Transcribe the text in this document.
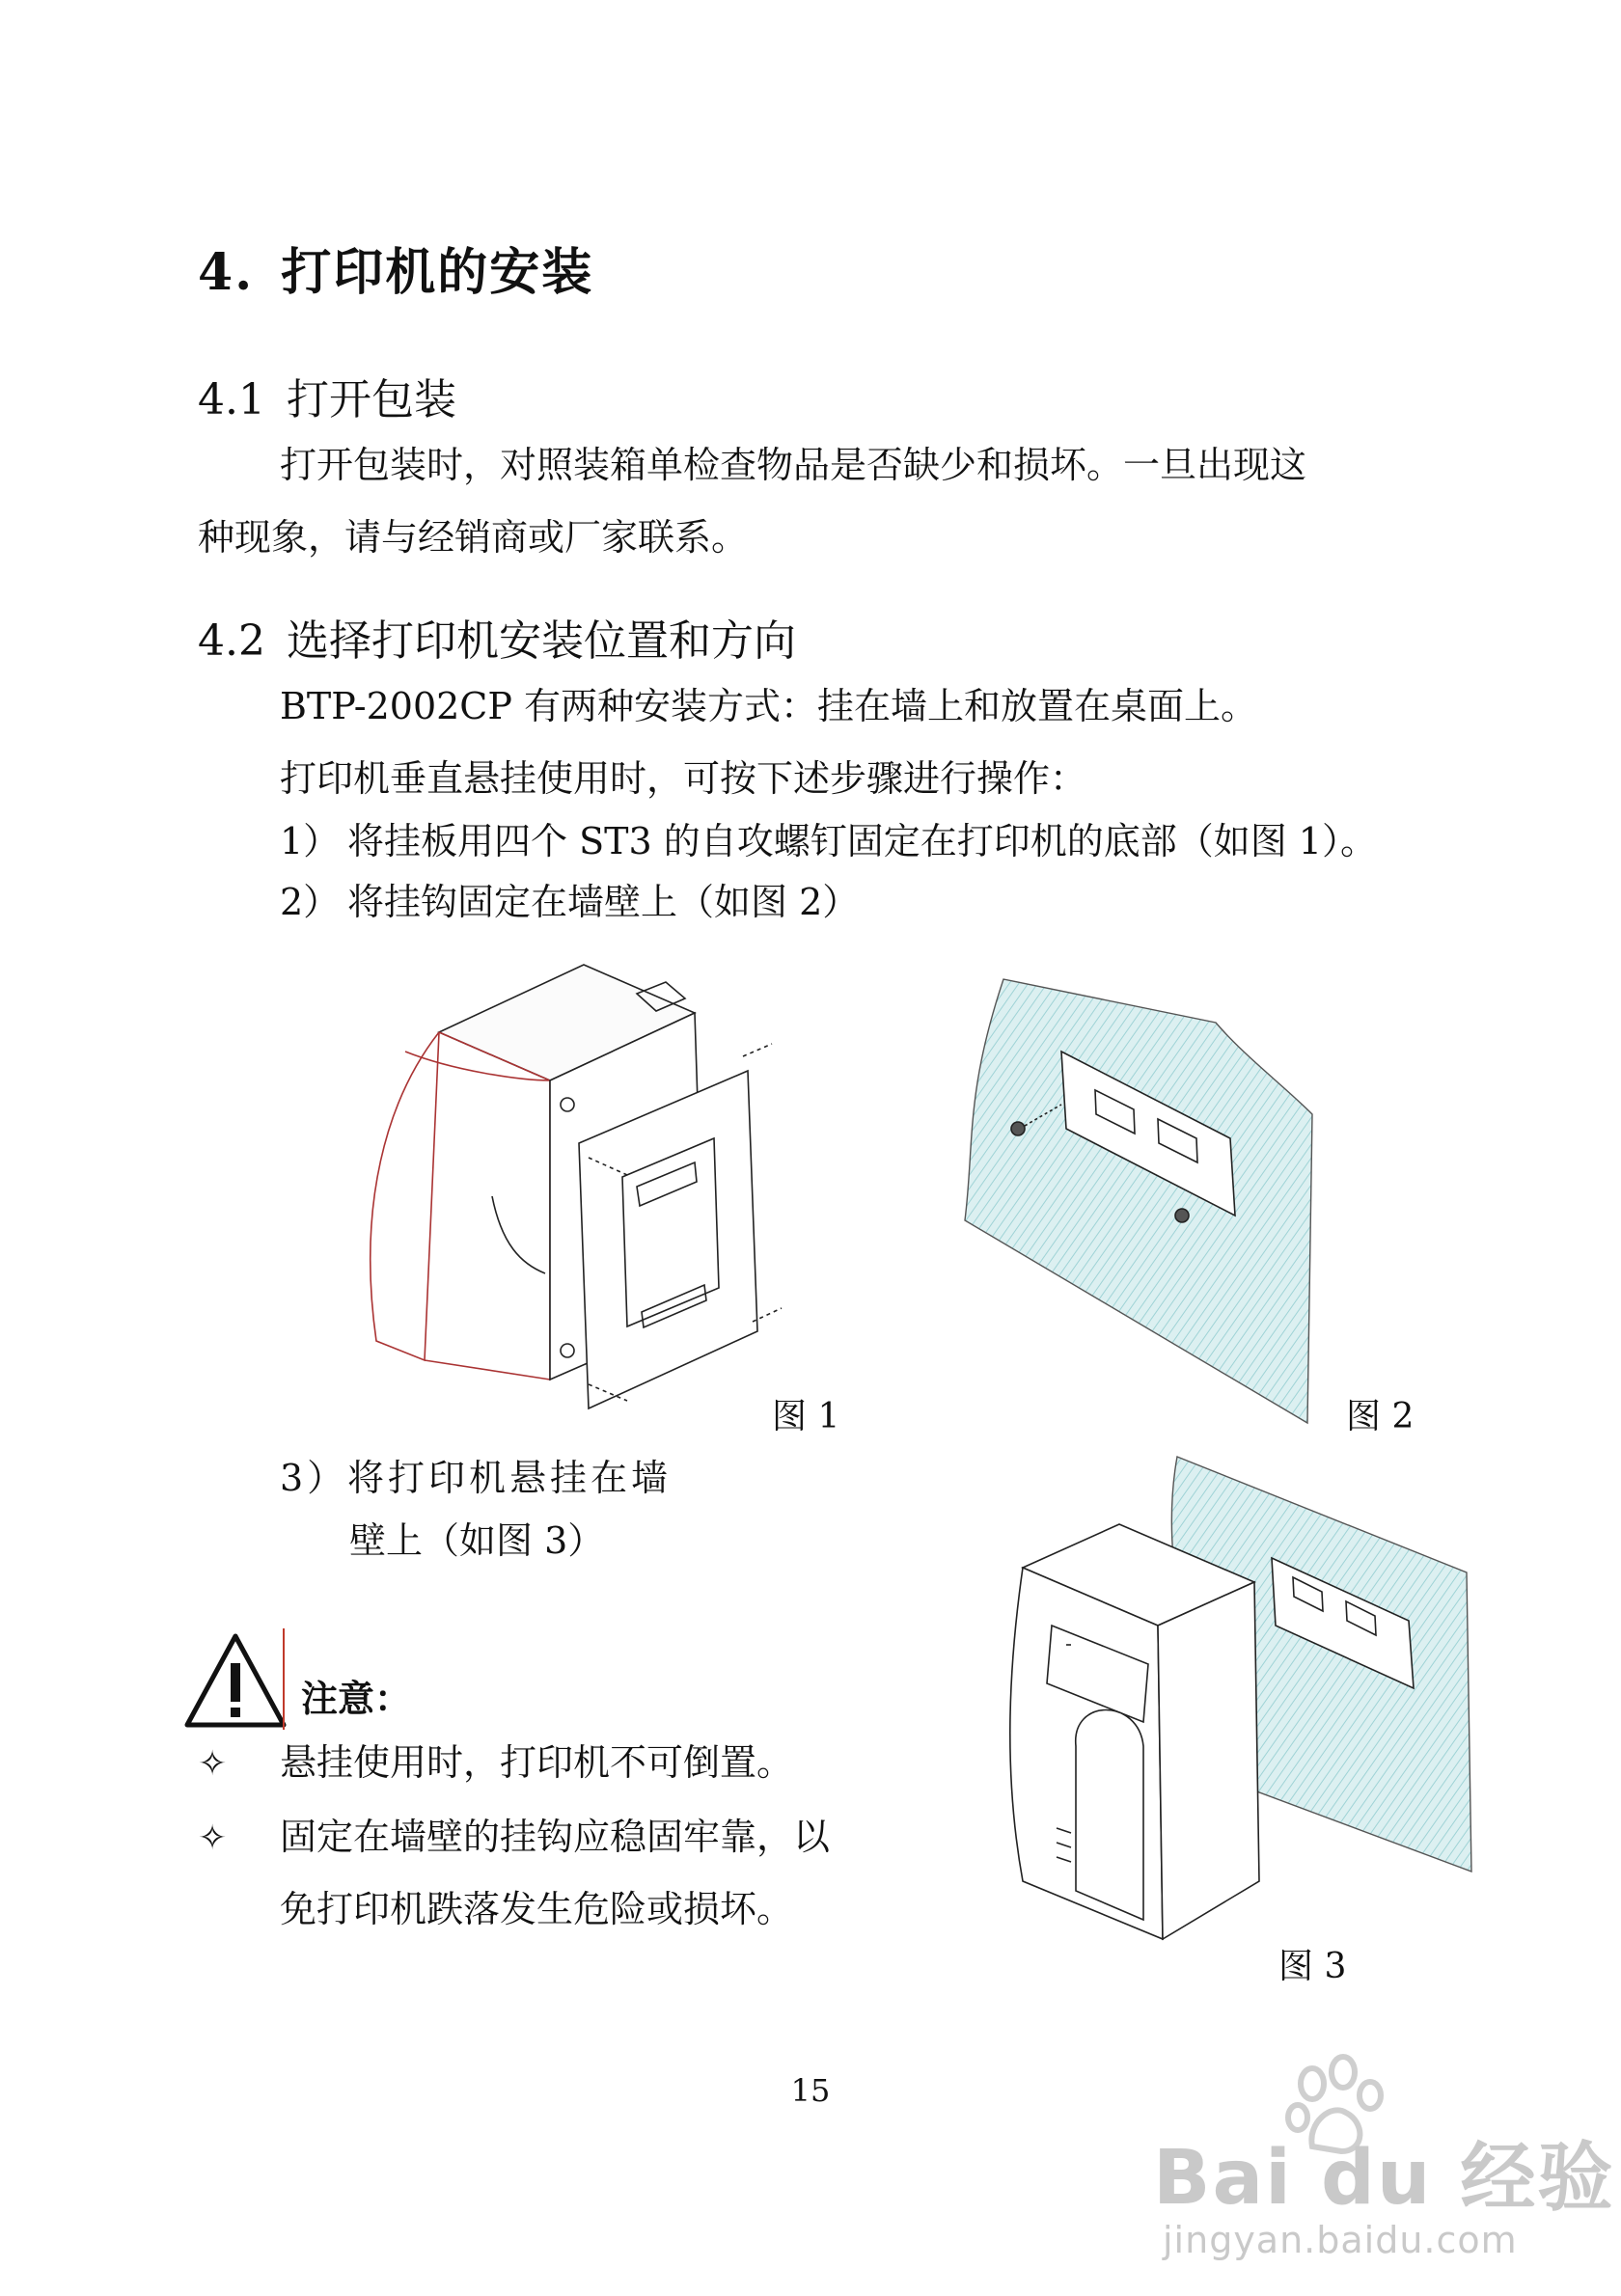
4. 打印机的安装
4.1 打开包装
打开包装时，对照装箱单检查物品是否缺少和损坏。一旦出现这
种现象，请与经销商或厂家联系。
4.2 选择打印机安装位置和方向
BTP-2002CP 有两种安装方式：挂在墙上和放置在桌面上。
打印机垂直悬挂使用时，可按下述步骤进行操作：
1） 将挂板用四个 ST3 的自攻螺钉固定在打印机的底部（如图 1）。
2） 将挂钩固定在墙壁上（如图 2）
图 1	图 2
3）将打印机悬挂在墙
壁上（如图 3）
图 3
注意：
✧ 悬挂使用时，打印机不可倒置。
✧ 固定在墙壁的挂钩应稳固牢靠，以
免打印机跌落发生危险或损坏。
15
Bai du 经验
jingyan.baidu.com
